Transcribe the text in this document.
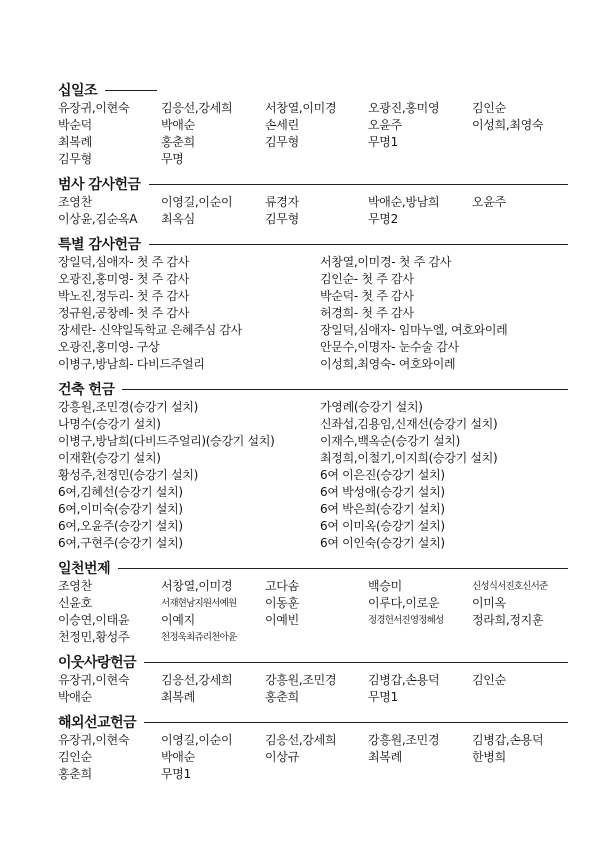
십일조
유장귀,이현숙	김응선,강세희	서창열,이미경	오광진,홍미영	김인순
박순덕	박애순	손세린	오윤주	이성희,최영숙
최복례	홍춘희	김무형	무명1
김무형	무명
범사 감사헌금
조영찬	이영길,이순이	류경자	박애순,방남희	오윤주
이상윤,김순옥A	최옥심	김무형	무명2
특별 감사헌금
장일덕,심애자- 첫 주 감사	서창열,이미경- 첫 주 감사
오광진,홍미영- 첫 주 감사	김인순- 첫 주 감사
박노진,정두리- 첫 주 감사	박순덕- 첫 주 감사
정규원,공창례- 첫 주 감사	허경희- 첫 주 감사
장세란- 신약일독학교 은혜주심 감사	장일덕,심애자- 임마누엘, 여호와이레
오광진,홍미영- 구상	안문수,이명자- 눈수술 감사
이병구,방남희- 다비드주얼리	이성희,최영숙- 여호와이레
건축 헌금
강흥원,조민경(승강기 설치)	가영례(승강기 설치)
나명수(승강기 설치)	신좌섭,김용임,신재선(승강기 설치)
이병구,방남희(다비드주얼리)(승강기 설치)	이재수,백옥순(승강기 설치)
이재환(승강기 설치)	최정희,이철기,이지희(승강기 설치)
황성주,천정민(승강기 설치)	6여 이은진(승강기 설치)
6여,김혜선(승강기 설치)	6여 박성애(승강기 설치)
6여,이미숙(승강기 설치)	6여 박은희(승강기 설치)
6여,오윤주(승강기 설치)	6여 이미옥(승강기 설치)
6여,구현주(승강기 설치)	6여 이인숙(승강기 설치)
일천번제
조영찬	서창열,이미경	고다솜	백승미	신성식서진호신서준
신윤호	서재현남지원서예원	이동훈	이루다,이로운	이미옥
이승연,이태윤	이예지	이예빈	정경헌서진영정혜성	정라희,정지훈
천정민,황성주	천정욱최쥬리천아윤
이웃사랑헌금
유장귀,이현숙	김응선,강세희	강흥원,조민경	김병갑,손용덕	김인순
박애순	최복례	홍춘희	무명1
해외선교헌금
유장귀,이현숙	이영길,이순이	김응선,강세희	강흥원,조민경	김병갑,손용덕
김인순	박애순	이상규	최복례	한병희
홍춘희	무명1
